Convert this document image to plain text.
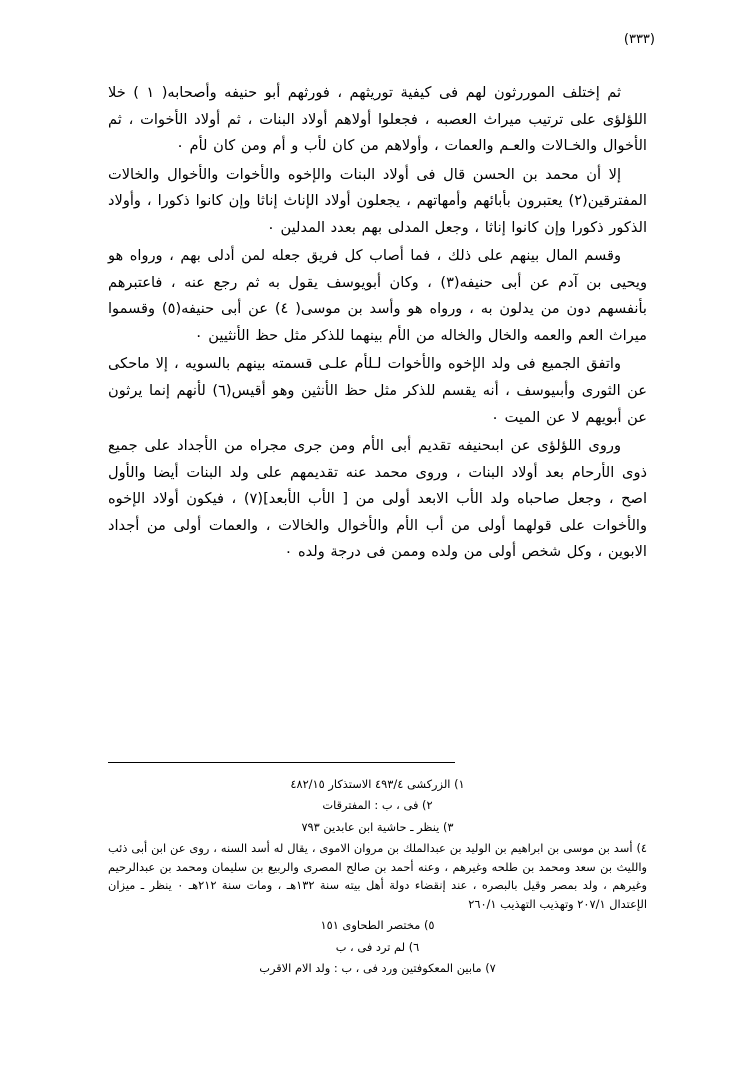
(٣٣٣)

ثم إختلف الموررثون لهم فى كيفية توريثهم ، فورثهم أبو حنيفه وأصحابه( ١ ) خلا اللؤلؤى على ترتيب ميراث العصبه ، فجعلوا أولاهم أولاد البنات ، ثم أولاد الأخوات ، ثم الأخوال والخـالات والعـم والعمات ، وأولاهم من كان لأب و أم ومن كان لأم ٠

إلا أن محمد بن الحسن قال فى أولاد البنات والإخوه والأخوات والأخوال والخالات المفترقين(٢) يعتبرون بأبائهم وأمهاتهم ، يجعلون أولاد الإناث إناثا وإن كانوا ذكورا ، وأولاد الذكور ذكورا وإن كانوا إناثا ، وجعل المدلى بهم بعدد المدلين ٠

وقسم المال بينهم على ذلك ، فما أصاب كل فريق جعله لمن أدلى بهم ، ورواه هو ويحيى بن آدم عن أبى حنيفه(٣) ، وكان أبويوسف يقول به ثم رجع عنه ، فاعتبرهم بأنفسهم دون من يدلون به ، ورواه هو وأسد بن موسى( ٤) عن أبى حنيفه(٥) وقسموا ميراث العم والعمه والخال والخاله من الأم بينهما للذكر مثل حظ الأنثيين ٠

واتفق الجميع فى ولد الإخوه والأخوات لـلأم علـى قسمته بينهم بالسويه ، إلا ماحكى عن الثورى وأبىيوسف ، أنه يقسم للذكر مثل حظ الأنثين وهو أقيس(٦) لأنهم إنما يرثون عن أبويهم لا عن الميت ٠

وروى اللؤلؤى عن ابىحنيفه تقديم أبى الأم ومن جرى مجراه من الأجداد على جميع ذوى الأرحام بعد أولاد البنات ، وروى محمد عنه تقديمهم على ولد البنات أيضا والأول اصح ، وجعل صاحباه ولد الأب الابعد أولى من [ الأب الأبعد](٧) ، فيكون أولاد الإخوه والأخوات على قولهما أولى من أب الأم والأخوال والخالات ، والعمات أولى من أجداد الابوين ، وكل شخص أولى من ولده وممن فى درجة ولده ٠

١) الزركشى ٤٩٣/٤ الاستذكار ٤٨٢/١٥

٢) فى ، ب : المفترقات

٣) ينظر ـ حاشية ابن عابدين ٧٩٣

٤) أسد بن موسى بن ابراهيم بن الوليد بن عبدالملك بن مروان الاموى ، يقال له أسد السنه ، روى عن ابن أبى ذئب والليث بن سعد ومحمد بن طلحه وغيرهم ، وعنه أحمد بن صالح المصرى والربيع بن سليمان ومحمد بن عبدالرحيم وغيرهم ، ولد بمصر وقيل بالبصره ، عند إنقضاء دولة أهل بيته سنة ١٣٢هـ ، ومات سنة ٢١٢هـ ٠ ينظر ـ ميزان الإعتدال ٢٠٧/١ وتهذيب التهذيب ٢٦٠/١

٥) مختصر الطحاوى ١٥١

٦) لم ترد فى ، ب

٧) مابين المعكوفتين ورد فى ، ب : ولد الام الاقرب
